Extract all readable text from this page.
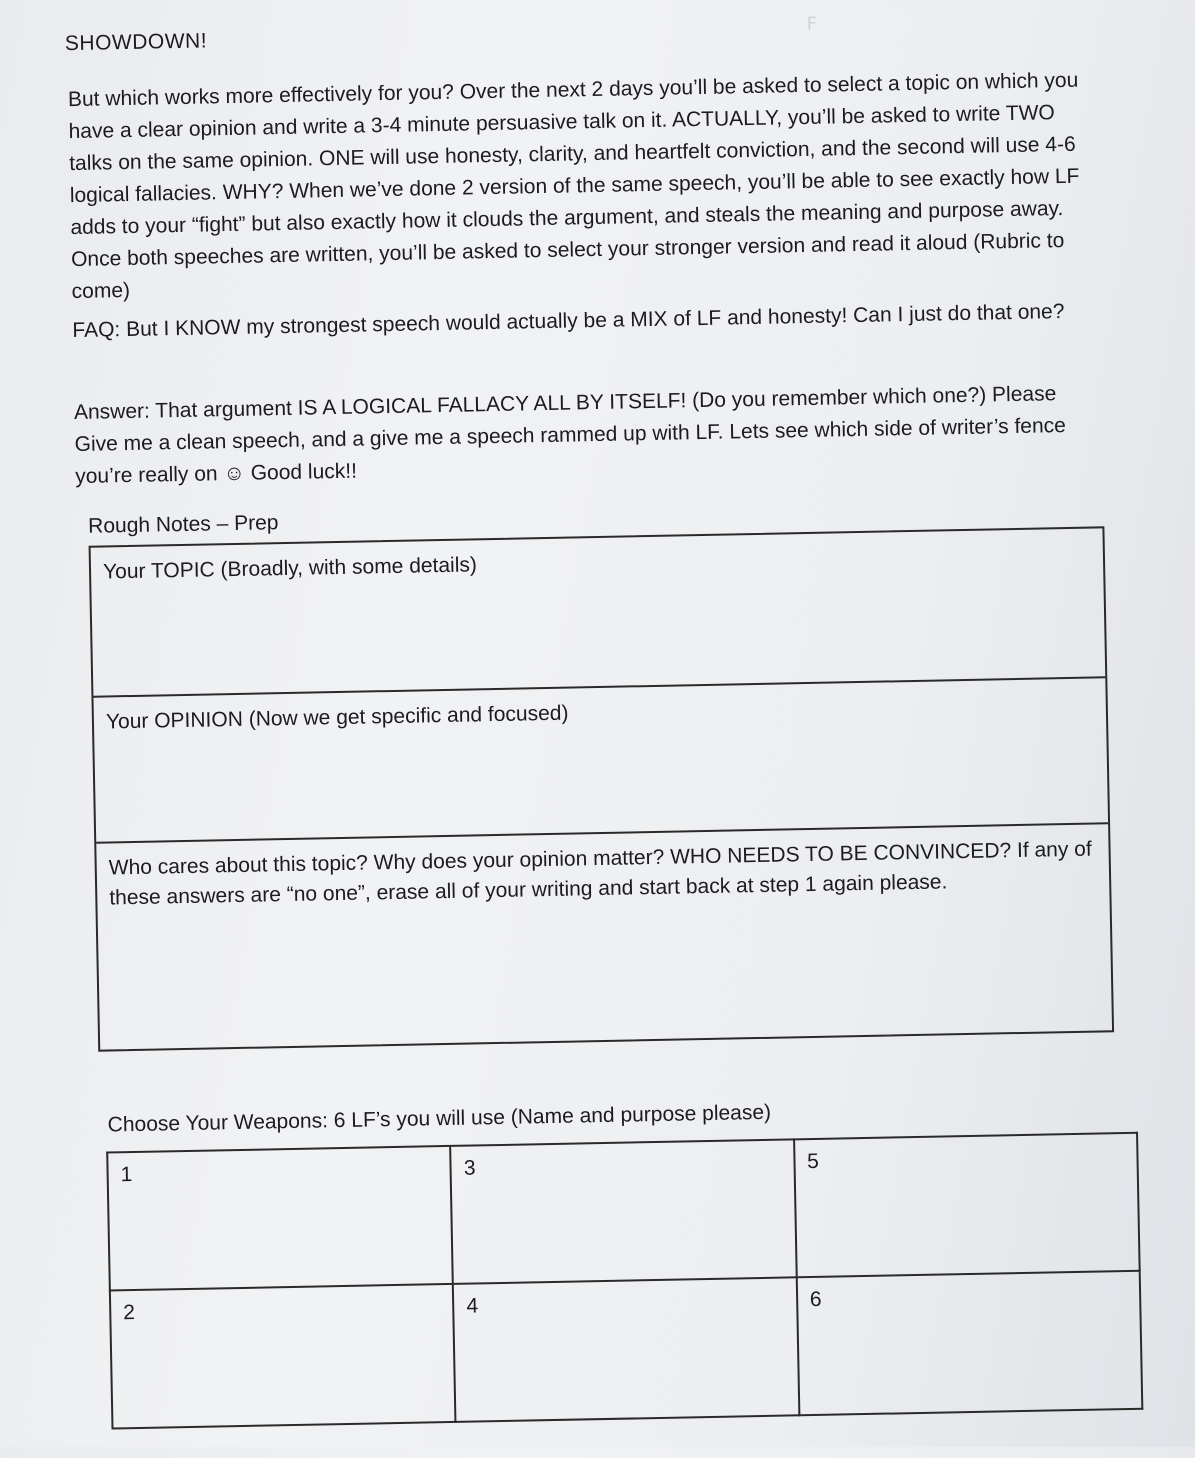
ꟻ
SHOWDOWN!

But which works more effectively for you? Over the next 2 days you’ll be asked to select a topic on which you have a clear opinion and write a 3-4 minute persuasive talk on it. ACTUALLY, you’ll be asked to write TWO talks on the same opinion. ONE will use honesty, clarity, and heartfelt conviction, and the second will use 4-6 logical fallacies. WHY? When we’ve done 2 version of the same speech, you’ll be able to see exactly how LF adds to your “fight” but also exactly how it clouds the argument, and steals the meaning and purpose away. Once both speeches are written, you’ll be asked to select your stronger version and read it aloud (Rubric to come)

FAQ: But I KNOW my strongest speech would actually be a MIX of LF and honesty! Can I just do that one?

Answer: That argument IS A LOGICAL FALLACY ALL BY ITSELF! (Do you remember which one?) Please Give me a clean speech, and a give me a speech rammed up with LF. Lets see which side of writer’s fence you’re really on ☺ Good luck!!

Rough Notes – Prep
Your TOPIC (Broadly, with some details)
Your OPINION (Now we get specific and focused)
Who cares about this topic? Why does your opinion matter? WHO NEEDS TO BE CONVINCED? If any of these answers are “no one”, erase all of your writing and start back at step 1 again please.
Choose Your Weapons: 6 LF’s you will use (Name and purpose please)
1	3	5
2	4	6
